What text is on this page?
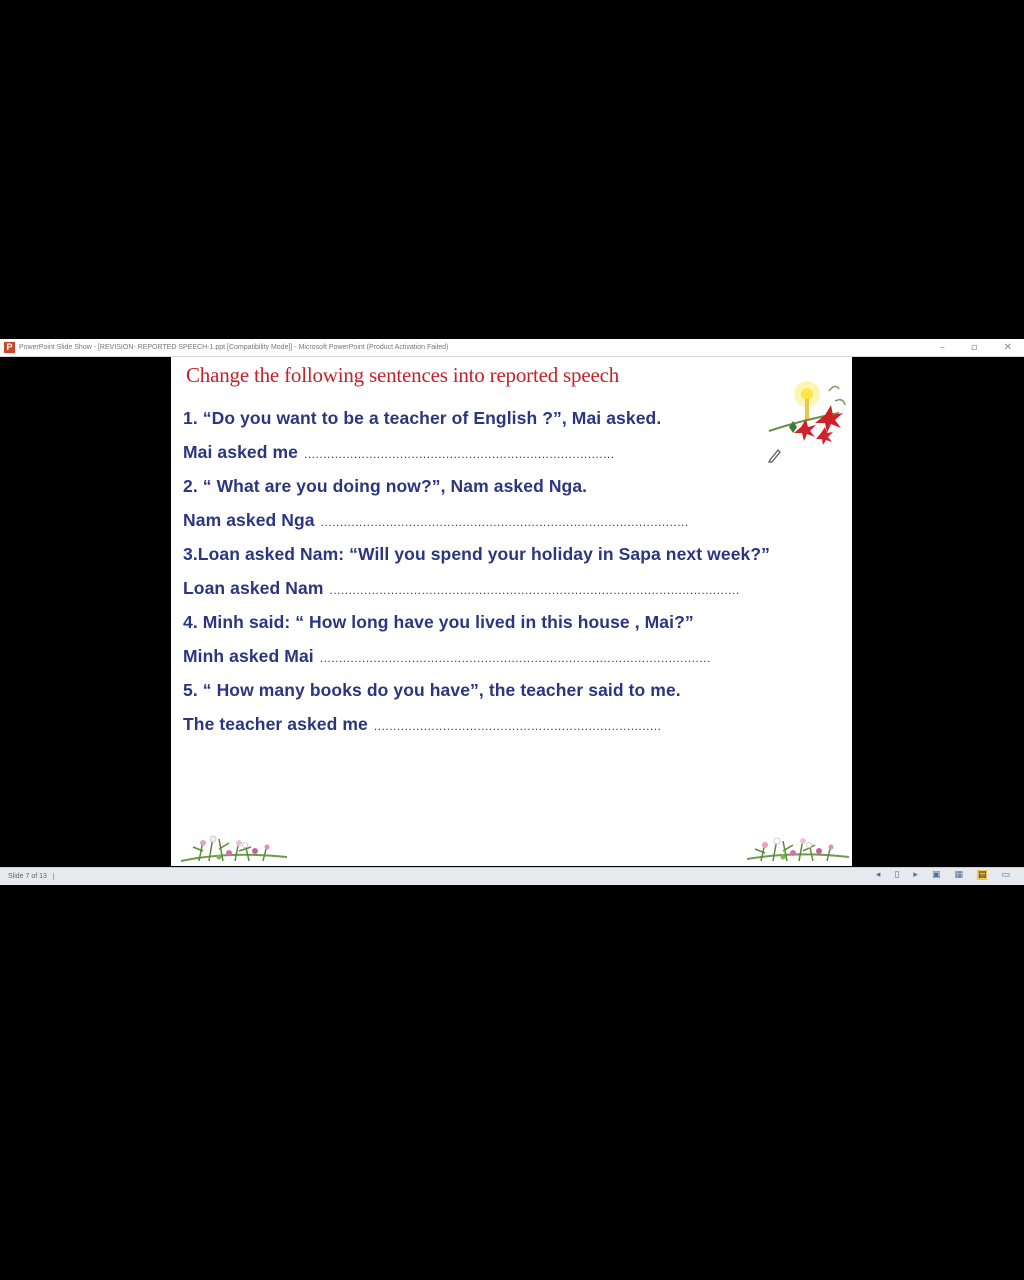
P PowerPoint Slide Show - [REVISION- REPORTED SPEECH-1.ppt [Compatibility Mode]] - Microsoft PowerPoint (Product Activation Failed)	–	▫	✕
Change the following sentences into reported speech
1. “Do you want to be a teacher of English ?”, Mai asked.
Mai asked me .................................................................................
2. “ What are you doing now?”, Nam asked Nga.
Nam asked Nga ................................................................................................
3.Loan asked Nam: “Will you spend your holiday in Sapa next week?”
Loan asked Nam ...........................................................................................................
4. Minh said: “ How long have you lived in this house , Mai?”
Minh asked Mai ......................................................................................................
5. “ How many books do you have”, the teacher said to me.
The teacher asked me ...........................................................................
Slide 7 of 13	◂ ▯ ▸ ▣ ▦ ▤ ▭
